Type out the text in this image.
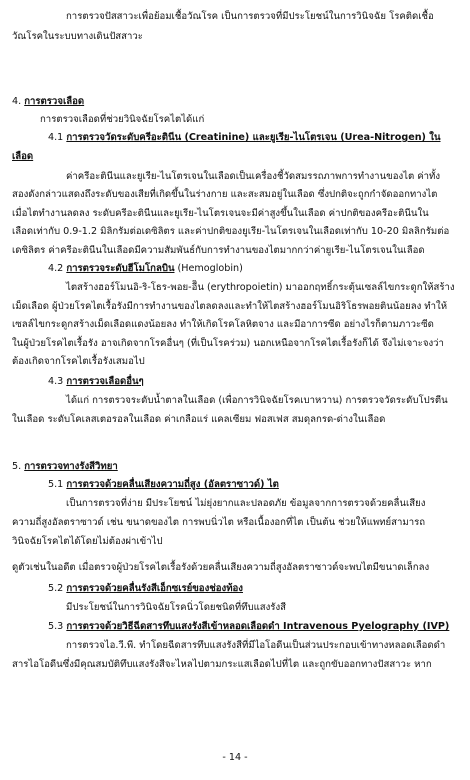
การตรวจปัสสาวะเพื่อย้อมเชื้อวัณโรค เป็นการตรวจที่มีประโยชน์ในการวินิจฉัย โรคติดเชื้อ
วัณโรคในระบบทางเดินปัสสาวะ
4. การตรวจเลือด
การตรวจเลือดที่ช่วยวินิจฉัยโรคไตได้แก่
4.1 การตรวจวัดระดับครีอะตินีน (Creatinine) และยูเรีย-ไนโตรเจน (Urea-Nitrogen) ใน
เลือด
ค่าครีอะตินีนและยูเรีย-ไนโตรเจนในเลือดเป็นเครื่องชี้วัดสมรรถภาพการทำงานของไต ค่าทั้ง
สองดังกล่าวแสดงถึงระดับของเสียที่เกิดขึ้นในร่างกาย และสะสมอยู่ในเลือด ซึ่งปกติจะถูกกำจัดออกทางไต
เมื่อไตทำงานลดลง ระดับครีอะตินีนและยูเรีย-ไนโตรเจนจะมีค่าสูงขึ้นในเลือด ค่าปกติของครีอะตินีนใน
เลือดเท่ากับ 0.9-1.2 มิลิกรัมต่อเดซิลิตร และค่าปกติของยูเรีย-ไนโตรเจนในเลือดเท่ากับ 10-20 มิลลิกรัมต่อ
เดซิลิตร ค่าครีอะตินีนในเลือดมีความสัมพันธ์กับการทำงานของไตมากกว่าค่ายูเรีย-ไนโตรเจนในเลือด
4.2 การตรวจระดับฮีโมโกลบิน (Hemoglobin)
ไตสร้างฮอร์โมนอิ-ริ-โธร-พอย-อีิน (erythropoietin) มาออกฤทธิ์กระตุ้นเซลล์ไขกระดูกให้สร้าง
เม็ดเลือด ผู้ป่วยโรคไตเรื้อรังมีการทำงานของไตลดลงและทำให้ไตสร้างฮอร์โมนอิริโธรพอยตินน้อยลง ทำให้
เซลล์ไขกระดูกสร้างเม็ดเลือดแดงน้อยลง ทำให้เกิดโรคโลหิตจาง และมีอาการซีด อย่างไรก็ตามภาวะซีด
ในผู้ป่วยโรคไตเรื้อรัง อาจเกิดจากโรคอื่นๆ (ที่เป็นโรคร่วม) นอกเหนือจากโรคไตเรื้อรังก็ได้ จึงไม่เจาะจงว่า
ต้องเกิดจากโรคไตเรื้อรังเสมอไป
4.3 การตรวจเลือดอื่นๆ
ได้แก่ การตรวจระดับน้ำตาลในเลือด (เพื่อการวินิจฉัยโรคเบาหวาน) การตรวจวัดระดับโปรตีน
ในเลือด ระดับโคเลสเตอรอลในเลือด ค่าเกลือแร่ แคลเซียม ฟอสเฟส สมดุลกรด-ด่างในเลือด
5. การตรวจทางรังสีวิทยา
5.1 การตรวจด้วยคลื่นเสียงความถี่สูง (อัลตราซาวด์) ไต
เป็นการตรวจที่ง่าย มีประโยชน์ ไม่ยุ่งยากและปลอดภัย ข้อมูลจากการตรวจด้วยคลื่นเสียง
ความถี่สูงอัลตราซาวด์ เช่น ขนาดของไต การพบนิ่วไต หรือเนื้องอกที่ไต เป็นต้น ช่วยให้แพทย์สามารถ
วินิจฉัยโรคไตได้โดยไม่ต้องผ่าเข้าไป
ดูตัวเช่นในอดีต เมื่อตรวจผู้ป่วยโรคไตเรื้อรังด้วยคลื่นเสียงความถี่สูงอัลตราซาวด์จะพบไตมีขนาดเล็กลง
5.2 การตรวจด้วยคลื่นรังสีเอ็กซเรย์ของช่องท้อง
มีประโยชน์ในการวินิจฉัยโรคนิ่วโดยชนิดที่ทึบแสงรังสี
5.3 การตรวจด้วยวิธีฉีดสารทึบแสงรังสีเข้าหลอดเลือดดำ Intravenous Pyelography (IVP)
การตรวจไอ.วี.พี. ทำโดยฉีดสารทึบแสงรังสีที่มีไอโอดีนเป็นส่วนประกอบเข้าทางหลอดเลือดดำ
สารไอโอดีนซึ่งมีคุณสมบัติทึบแสงรังสีจะไหลไปตามกระแสเลือดไปที่ไต และถูกขับออกทางปัสสาวะ หาก
- 14 -
